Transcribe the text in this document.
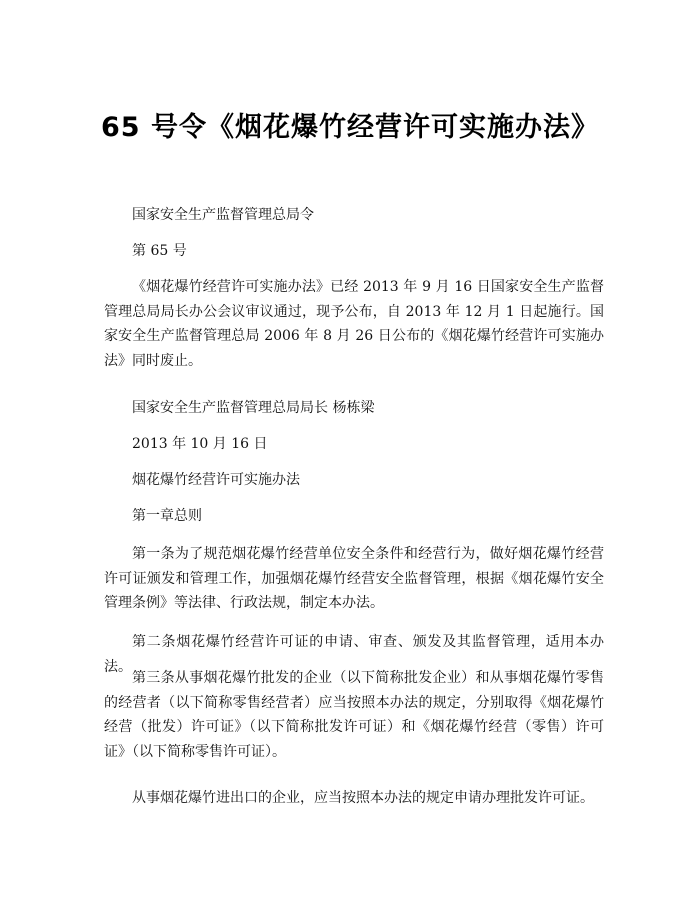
65 号令《烟花爆竹经营许可实施办法》

国家安全生产监督管理总局令

第 65 号

《烟花爆竹经营许可实施办法》已经 2013 年 9 月 16 日国家安全生产监督管理总局局长办公会议审议通过，现予公布，自 2013 年 12 月 1 日起施行。国家安全生产监督管理总局 2006 年 8 月 26 日公布的《烟花爆竹经营许可实施办法》同时废止。

国家安全生产监督管理总局局长 杨栋梁

2013 年 10 月 16 日

烟花爆竹经营许可实施办法

第一章总则

第一条为了规范烟花爆竹经营单位安全条件和经营行为，做好烟花爆竹经营许可证颁发和管理工作，加强烟花爆竹经营安全监督管理，根据《烟花爆竹安全管理条例》等法律、行政法规，制定本办法。

第二条烟花爆竹经营许可证的申请、审查、颁发及其监督管理，适用本办法。

第三条从事烟花爆竹批发的企业（以下简称批发企业）和从事烟花爆竹零售的经营者（以下简称零售经营者）应当按照本办法的规定，分别取得《烟花爆竹经营（批发）许可证》（以下简称批发许可证）和《烟花爆竹经营（零售）许可证》（以下简称零售许可证）。

从事烟花爆竹进出口的企业，应当按照本办法的规定申请办理批发许可证。
